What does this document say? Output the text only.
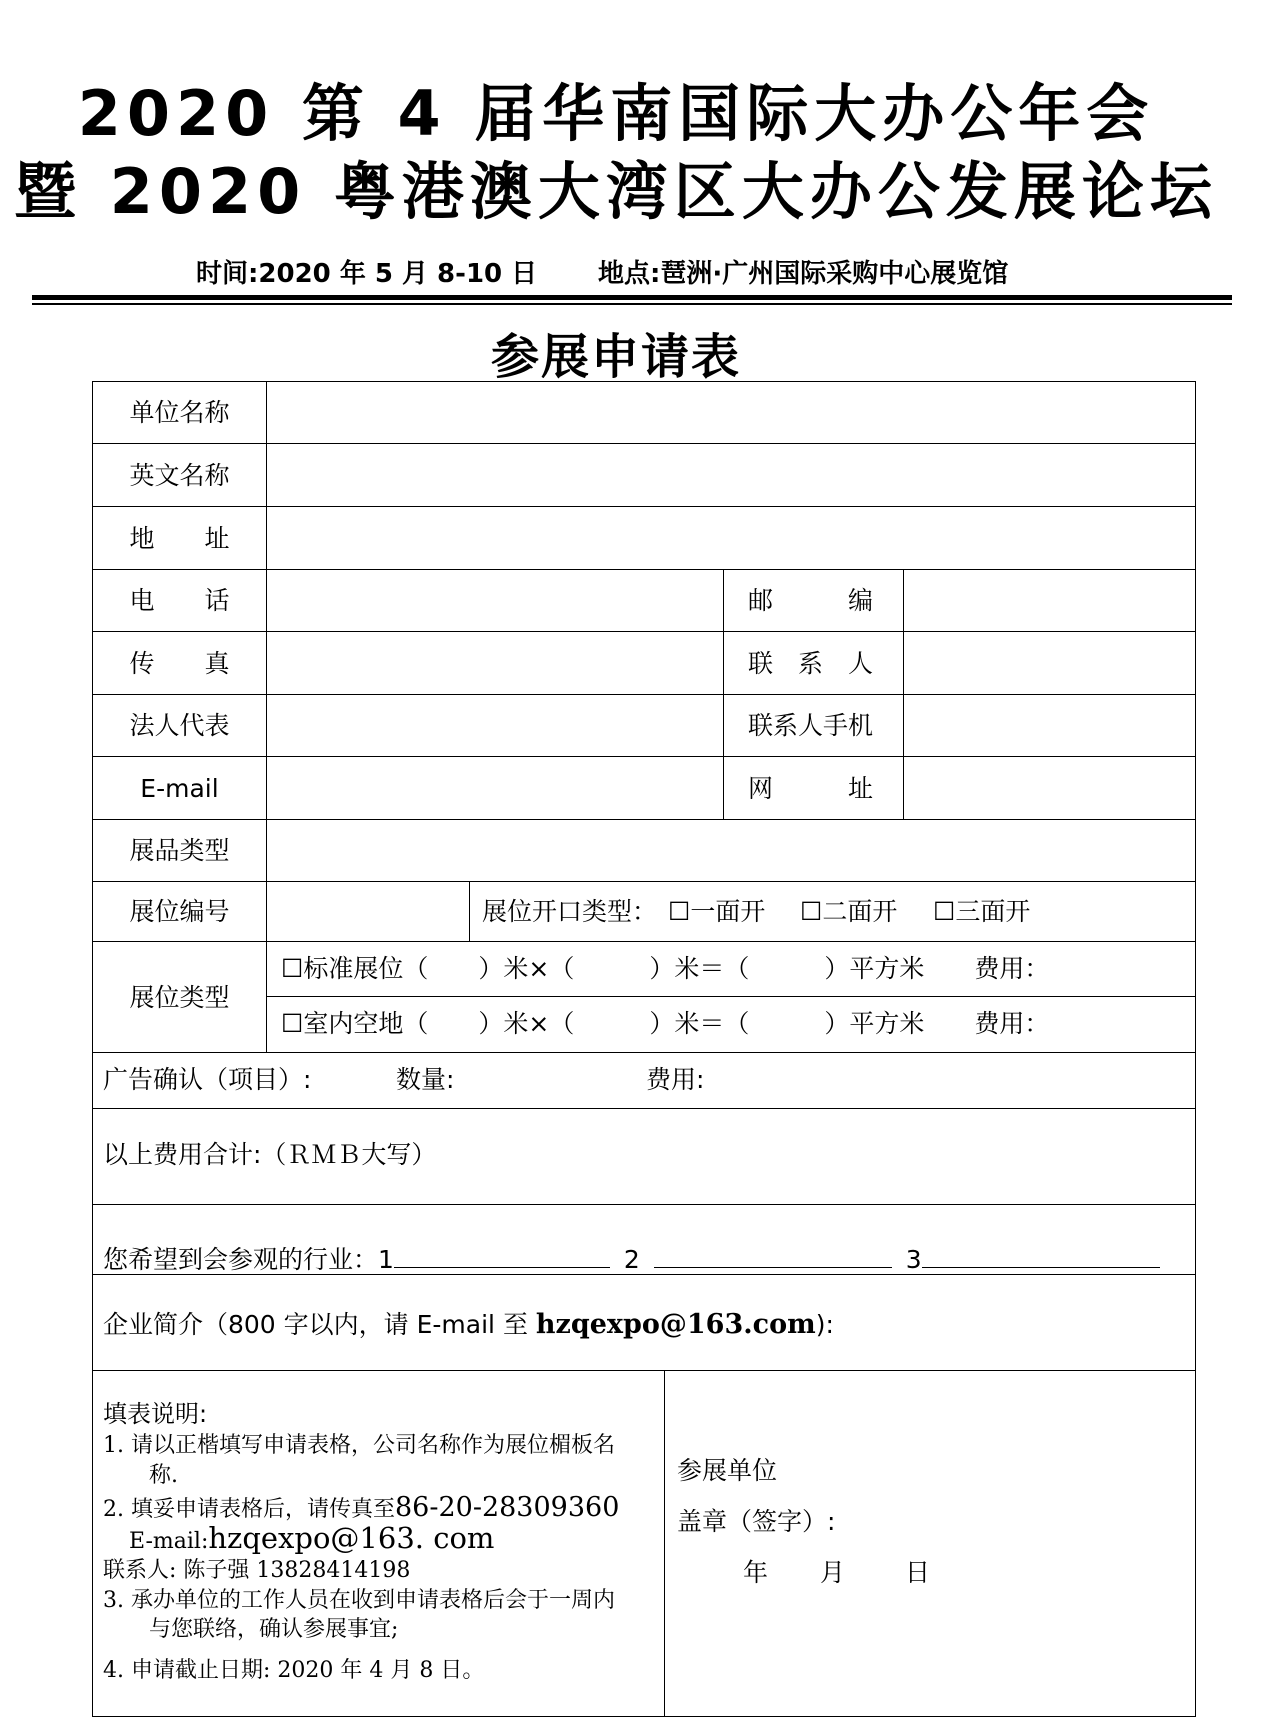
2020 第 4 届华南国际大办公年会
暨 2020 粤港澳大湾区大办公发展论坛
时间:2020 年 5 月 8-10 日 地点:琶洲·广州国际采购中心展览馆
参展申请表
单位名称
英文名称
地　　址
电　　话	邮　　　编
传　　真	联　系　人
法人代表	联系人手机
E-mail	网　　　址
展品类型
展位编号	展位开口类型： ☐一面开 ☐二面开 ☐三面开
展位类型
☐标准展位（　　）米×（　　　）米＝（　　　）平方米　　费用：
☐室内空地（　　）米×（　　　）米＝（　　　）平方米　　费用：
广告确认（项目）:	数量:	费用:
以上费用合计:（ＲＭＢ大写）
您希望到会参观的行业：1	2	3
企业简介（800 字以内，请 E-mail 至 hzqexpo@163.com):
填表说明:
1. 请以正楷填写申请表格，公司名称作为展位楣板名
称.
2. 填妥申请表格后，请传真至86-20-28309360
E-mail:hzqexpo@163. com
联系人: 陈子强 13828414198
3. 承办单位的工作人员在收到申请表格后会于一周内
与您联络，确认参展事宜;
4. 申请截止日期: 2020 年 4 月 8 日。
参展单位
盖章（签字）:
年 月 日
